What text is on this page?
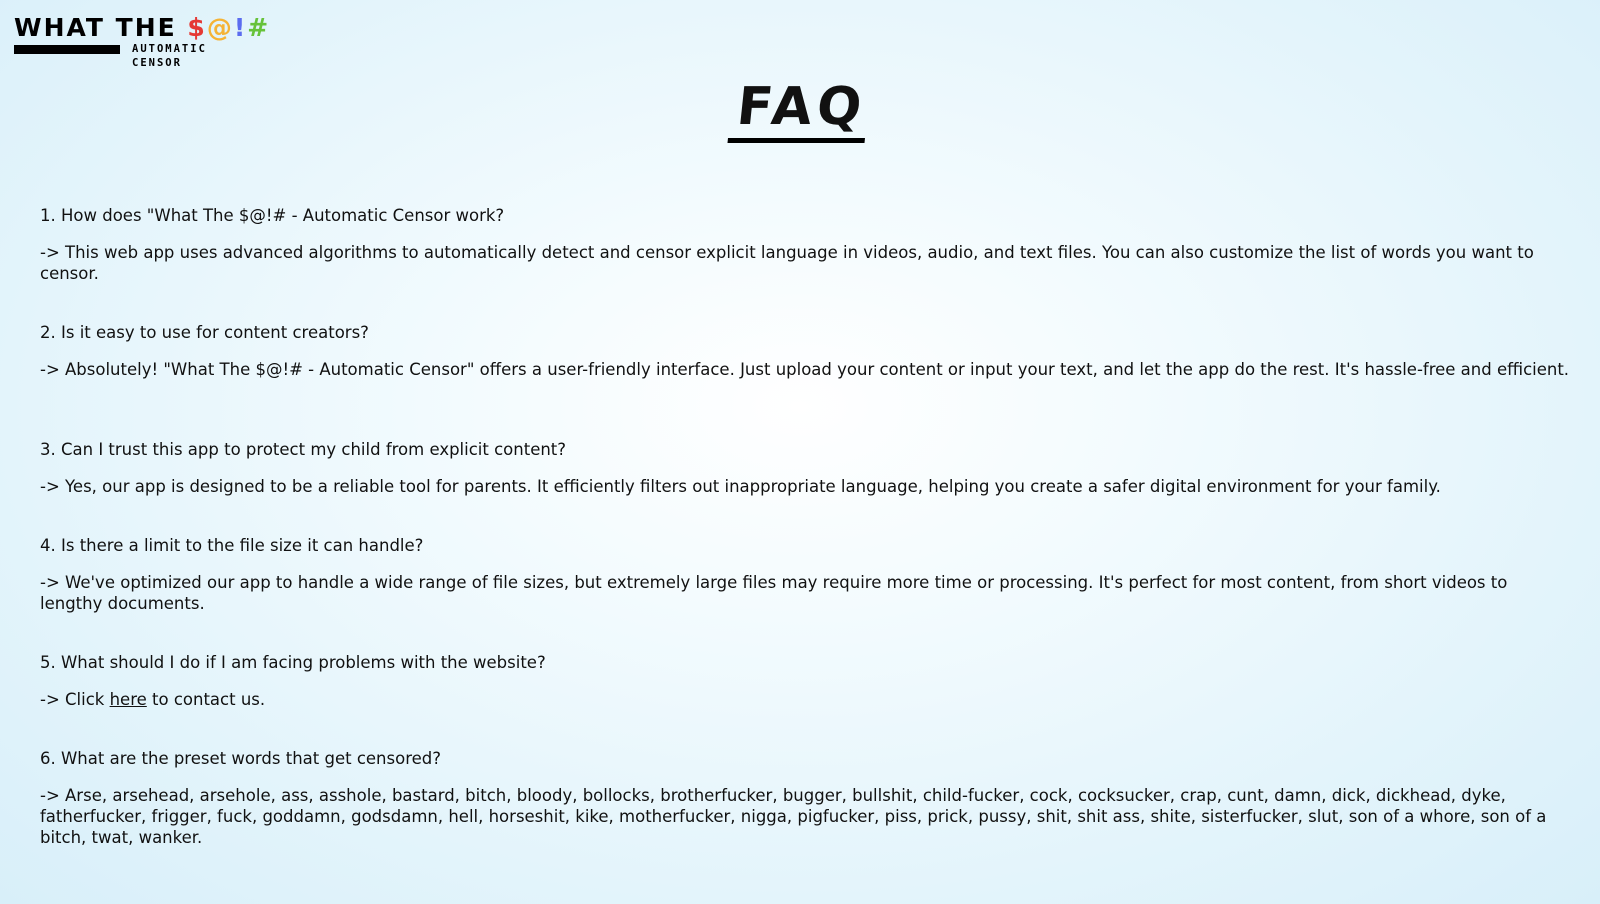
WHAT THE $@!#
AUTOMATIC
CENSOR
FAQ

1. How does "What The $@!# - Automatic Censor work?

-> This web app uses advanced algorithms to automatically detect and censor explicit language in videos, audio, and text files. You can also customize the list of words you want to censor.

2. Is it easy to use for content creators?

-> Absolutely! "What The $@!# - Automatic Censor" offers a user-friendly interface. Just upload your content or input your text, and let the app do the rest. It's hassle-free and efficient.

3. Can I trust this app to protect my child from explicit content?

-> Yes, our app is designed to be a reliable tool for parents. It efficiently filters out inappropriate language, helping you create a safer digital environment for your family.

4. Is there a limit to the file size it can handle?

-> We've optimized our app to handle a wide range of file sizes, but extremely large files may require more time or processing. It's perfect for most content, from short videos to lengthy documents.

5. What should I do if I am facing problems with the website?

-> Click here to contact us.

6. What are the preset words that get censored?

-> Arse, arsehead, arsehole, ass, asshole, bastard, bitch, bloody, bollocks, brotherfucker, bugger, bullshit, child-fucker, cock, cocksucker, crap, cunt, damn, dick, dickhead, dyke, fatherfucker, frigger, fuck, goddamn, godsdamn, hell, horseshit, kike, motherfucker, nigga, pigfucker, piss, prick, pussy, shit, shit ass, shite, sisterfucker, slut, son of a whore, son of a bitch, twat, wanker.
